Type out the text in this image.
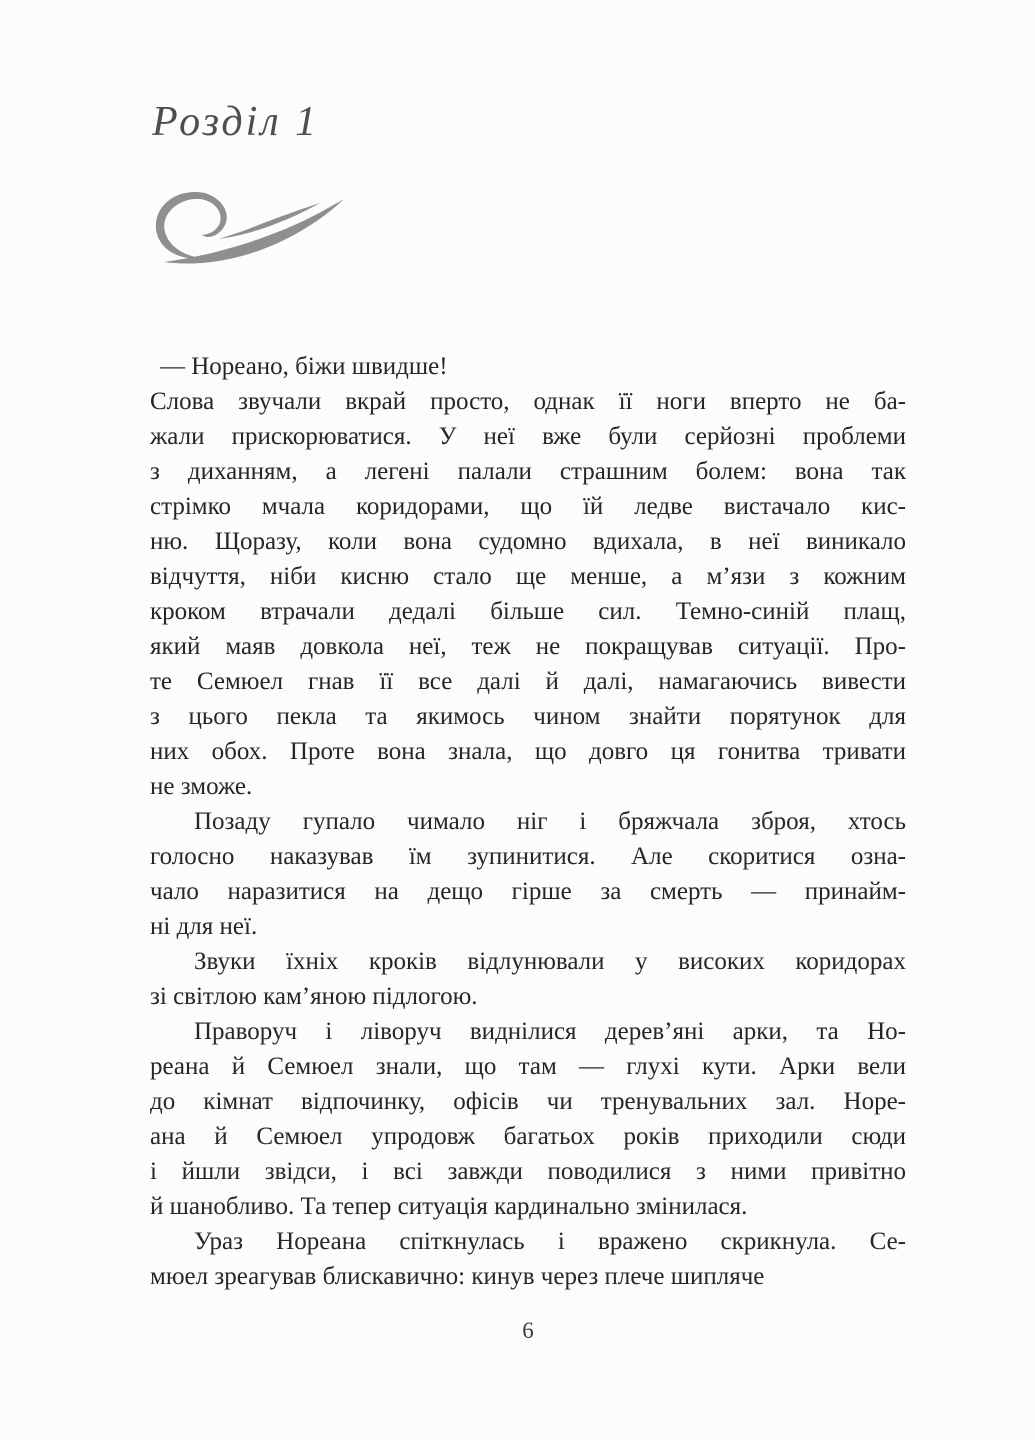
Розділ 1
— Нореано, біжи швидше!
Слова звучали вкрай просто, однак її ноги вперто не ба-
жали прискорюватися. У неї вже були серйозні проблеми
з диханням, а легені палали страшним болем: вона так
стрімко мчала коридорами, що їй ледве вистачало кис-
ню. Щоразу, коли вона судомно вдихала, в неї виникало
відчуття, ніби кисню стало ще менше, а м’язи з кожним
кроком втрачали дедалі більше сил. Темно-синій плащ,
який маяв довкола неї, теж не покращував ситуації. Про-
те Семюел гнав її все далі й далі, намагаючись вивести
з цього пекла та якимось чином знайти порятунок для
них обох. Проте вона знала, що довго ця гонитва тривати
не зможе.
Позаду гупало чимало ніг і бряжчала зброя, хтось
голосно наказував їм зупинитися. Але скоритися озна-
чало наразитися на дещо гірше за смерть — принайм-
ні для неї.
Звуки їхніх кроків відлунювали у високих коридорах
зі світлою кам’яною підлогою.
Праворуч і ліворуч виднілися дерев’яні арки, та Но-
реана й Семюел знали, що там — глухі кути. Арки вели
до кімнат відпочинку, офісів чи тренувальних зал. Норе-
ана й Семюел упродовж багатьох років приходили сюди
і йшли звідси, і всі завжди поводилися з ними привітно
й шанобливо. Та тепер ситуація кардинально змінилася.
Ураз Нореана спіткнулась і вражено скрикнула. Се-
мюел зреагував блискавично: кинув через плече шипляче
6
